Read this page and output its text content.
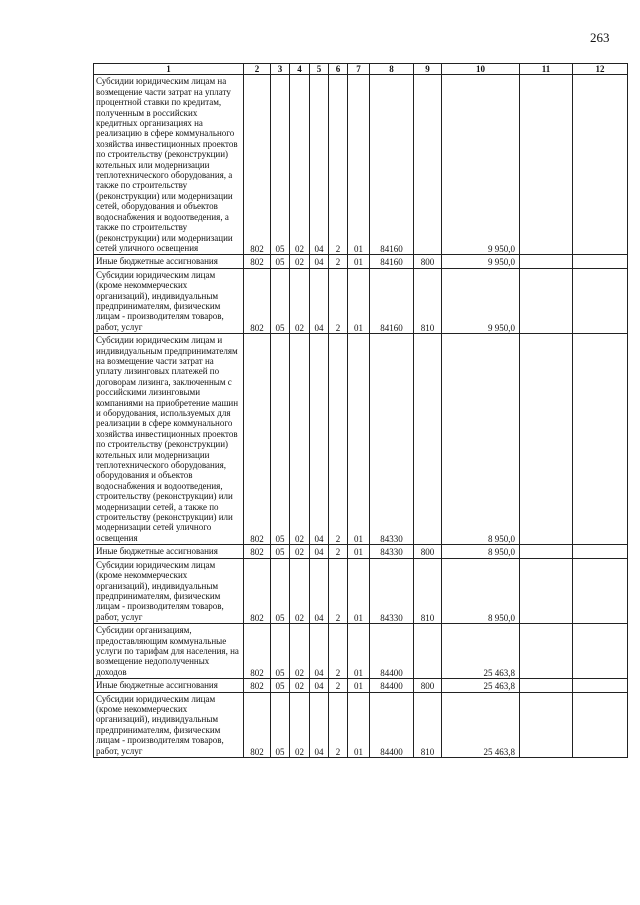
263
1	2	3	4	5	6	7	8	9	10	11	12
Субсидии юридическим лицам на возмещение части затрат на уплату процентной ставки по кредитам, полученным в российских кредитных организациях на реализацию в сфере коммунального хозяйства инвестиционных проектов по строительству (реконструкции) котельных или модернизации теплотехнического оборудования, а также по строительству (реконструкции) или модернизации сетей, оборудования и объектов водоснабжения и водоотведения, а также по строительству (реконструкции) или модернизации сетей уличного освещения	802	05	02	04	2	01	84160		9 950,0		
Иные бюджетные ассигнования	802	05	02	04	2	01	84160	800	9 950,0		
Субсидии юридическим лицам (кроме некоммерческих организаций), индивидуальным предпринимателям, физическим лицам - производителям товаров, работ, услуг	802	05	02	04	2	01	84160	810	9 950,0		
Субсидии юридическим лицам и индивидуальным предпринимателям на возмещение части затрат на уплату лизинговых платежей по договорам лизинга, заключенным с российскими лизинговыми компаниями на приобретение машин и оборудования, используемых для реализации в сфере коммунального хозяйства инвестиционных проектов по строительству (реконструкции) котельных или модернизации теплотехнического оборудования, оборудования и объектов водоснабжения и водоотведения, строительству (реконструкции) или модернизации сетей, а также по строительству (реконструкции) или модернизации сетей уличного освещения	802	05	02	04	2	01	84330		8 950,0		
Иные бюджетные ассигнования	802	05	02	04	2	01	84330	800	8 950,0		
Субсидии юридическим лицам (кроме некоммерческих организаций), индивидуальным предпринимателям, физическим лицам - производителям товаров, работ, услуг	802	05	02	04	2	01	84330	810	8 950,0		
Субсидии организациям, предоставляющим коммунальные услуги по тарифам для населения, на возмещение недополученных доходов	802	05	02	04	2	01	84400		25 463,8		
Иные бюджетные ассигнования	802	05	02	04	2	01	84400	800	25 463,8		
Субсидии юридическим лицам (кроме некоммерческих организаций), индивидуальным предпринимателям, физическим лицам - производителям товаров, работ, услуг	802	05	02	04	2	01	84400	810	25 463,8		
